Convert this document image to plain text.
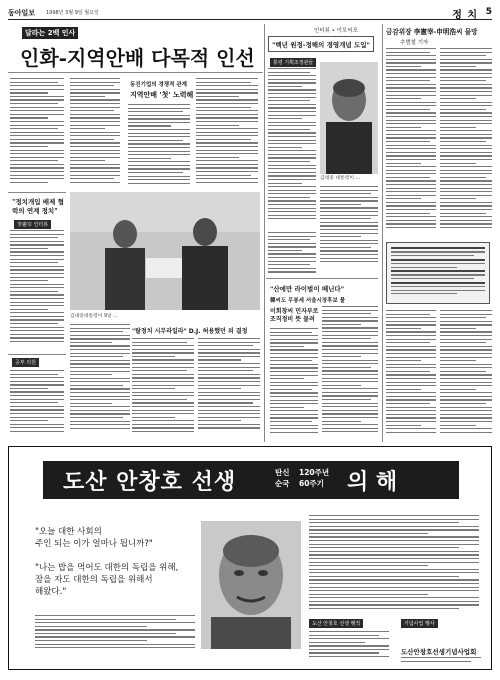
동아일보 1998년 3월 9일 월요일	정 치 5
달라는 2백 인사
인화-지역안배 다목적 인선
동진기업의 경쟁적 관계
지역안배 '첫' 노력해
"정치개입 배제 협력의 연계 정치"
李憲宰 인터뷰
공부 의원
김대중대통령이 9일 ...
"탈정치 시무라일라" D.J. 허용했던 외 결정
인터뷰 • 이모씨모
"백년 원정-정해의 경영개념 도입"
통령 기획조정관들
김대중 대통령이 ...
"산에만 라이벌이 떼닌다"
韓씨도 무봉세 서울시장후보 물
이회창씨 민자부로 조직정비 뜻 물려
금감위장 李憲宰-申明浩씨 물망
추범철 기자
도산 안창호 선생	탄신
순국
120주년
60주기 의 해
"오늘 대한 사회의
주인 되는 이가 얼마나 됩니까?"
"나는 밥을 먹어도 대한의 독립을 위해,
잠을 자도 대한의 독립을 위해서
해왔다."
도산 안창호 선생 행적	기념사업 행사
도산안창호선생기념사업회
